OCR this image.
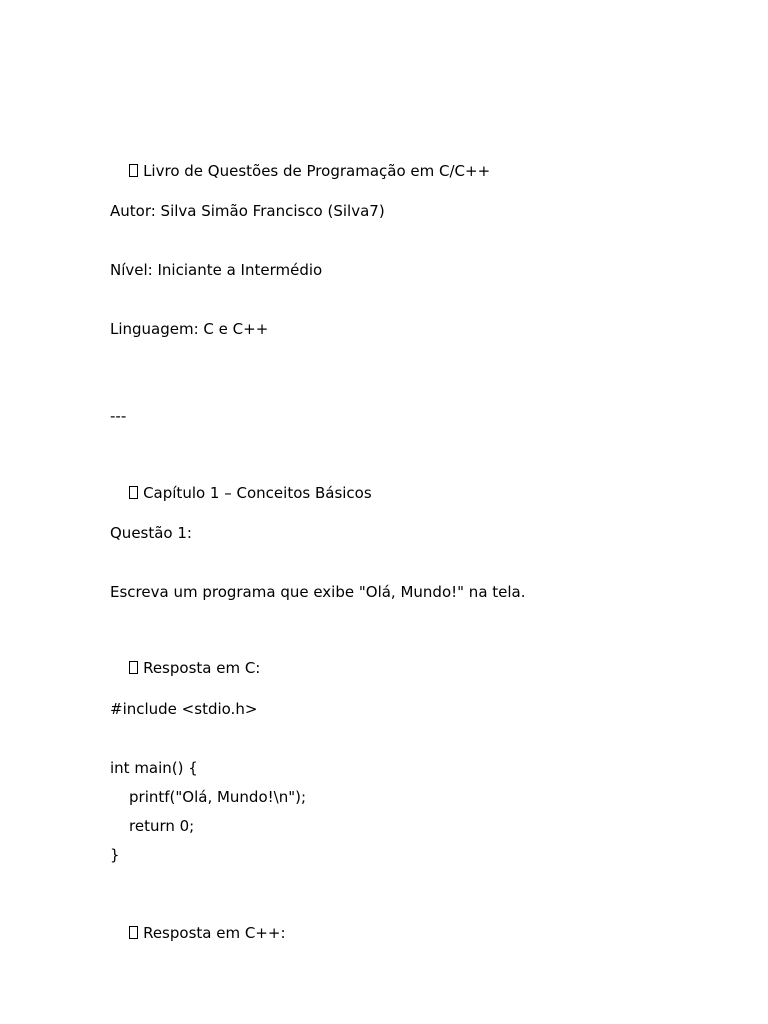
Livro de Questões de Programação em C/C++

Autor: Silva Simão Francisco (Silva7)
Nível: Iniciante a Intermédio
Linguagem: C e C++
---

Capítulo 1 – Conceitos Básicos

Questão 1:
Escreva um programa que exibe "Olá, Mundo!" na tela.

Resposta em C:

#include <stdio.h>
int main() {
printf("Olá, Mundo!\n");
return 0;
}

Resposta em C++:
